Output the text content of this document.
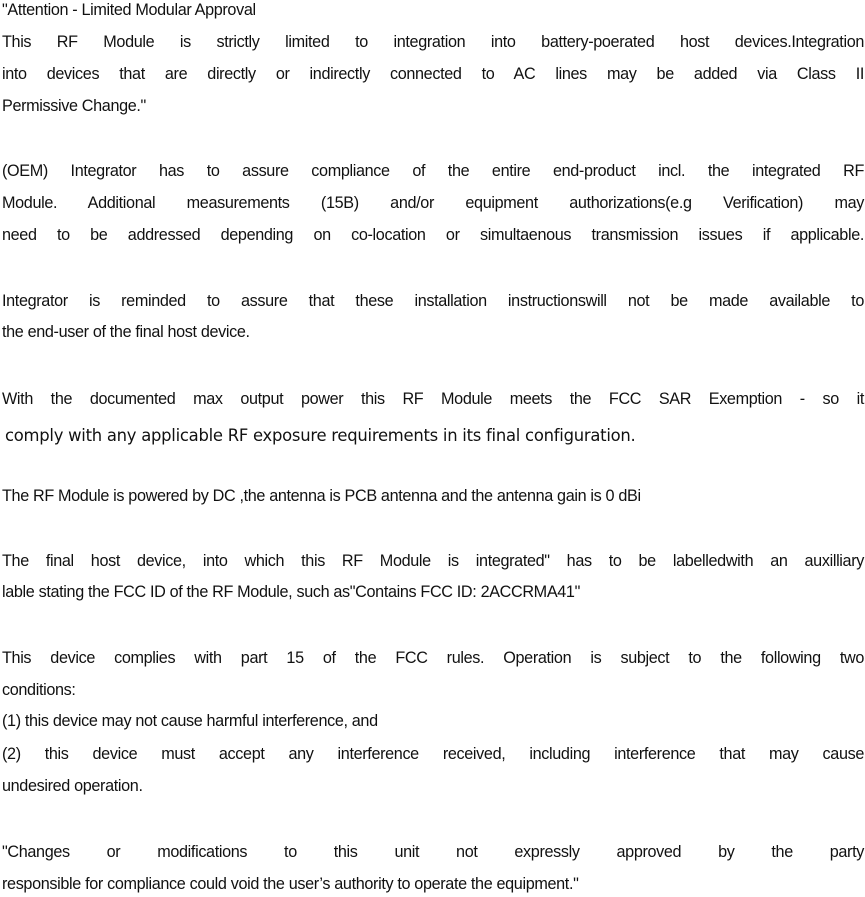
"Attention - Limited Modular Approval
This RF Module is strictly limited to integration into battery-poerated host devices.Integration
into devices that are directly or indirectly connected to AC lines may be added via Class II
Permissive Change."
(OEM) Integrator has to assure compliance of the entire end-product incl. the integrated RF
Module. Additional measurements (15B) and/or equipment authorizations(e.g Verification) may
need to be addressed depending on co-location or simultaenous transmission issues if applicable.
Integrator is reminded to assure that these installation instructionswill not be made available to
the end-user of the final host device.
With the documented max output power this RF Module meets the FCC SAR Exemption - so it
comply with any applicable RF exposure requirements in its final configuration.
The RF Module is powered by DC ,the antenna is PCB antenna and the antenna gain is 0 dBi
The final host device, into which this RF Module is integrated" has to be labelledwith an auxilliary
lable stating the FCC ID of the RF Module, such as"Contains FCC ID: 2ACCRMA41"
This device complies with part 15 of the FCC rules. Operation is subject to the following two
conditions:
(1) this device may not cause harmful interference, and
(2) this device must accept any interference received, including interference that may cause
undesired operation.
"Changes or modifications to this unit not expressly approved by the party
responsible for compliance could void the user’s authority to operate the equipment."
